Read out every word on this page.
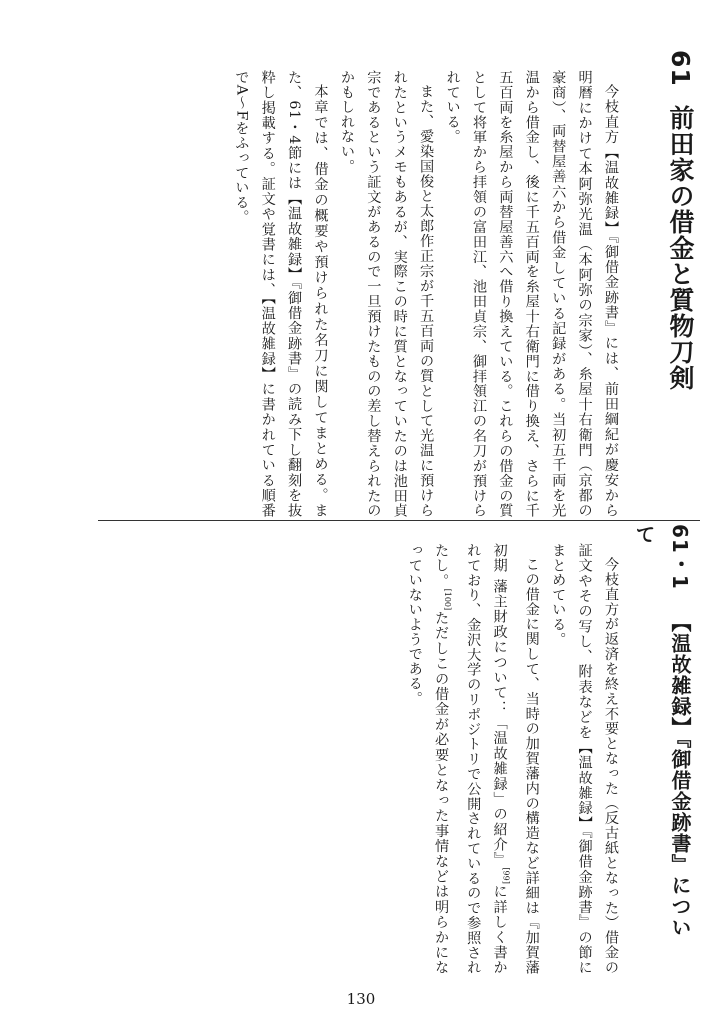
61前田家の借金と質物刀剣

今枝直方【温故雑録】『御借金跡書』には、前田綱紀が慶安から明暦にかけて本阿弥光温（本阿弥の宗家）、糸屋十右衛門（京都の豪商）、両替屋善六から借金している記録がある。当初五千両を光温から借金し、後に千五百両を糸屋十右衛門に借り換え、さらに千五百両を糸屋から両替屋善六へ借り換えている。これらの借金の質として将軍から拝領の富田江、池田貞宗、御拝領江の名刀が預けられている。

また、愛染国俊と太郎作正宗が千五百両の質として光温に預けられたというメモもあるが、実際この時に質となっていたのは池田貞宗であるという証文があるので一旦預けたものの差し替えられたのかもしれない。

本章では、借金の概要や預けられた名刀に関してまとめる。また、61・4節には【温故雑録】『御借金跡書』の読み下し翻刻を抜粋し掲載する。証文や覚書には、【温故雑録】に書かれている順番でA〜Fをふっている。

61・1【温故雑録】『御借金跡書』について

今枝直方が返済を終え不要となった（反古紙となった）借金の証文やその写し、附表などを【温故雑録】『御借金跡書』の節にまとめている。

この借金に関して、当時の加賀藩内の構造など詳細は『加賀藩初期 藩主財政について：「温故雑録」の紹介』[99]に詳しく書かれており、金沢大学のリポジトリで公開されているので参照されたし。[100]ただしこの借金が必要となった事情などは明らかになっていないようである。

130
